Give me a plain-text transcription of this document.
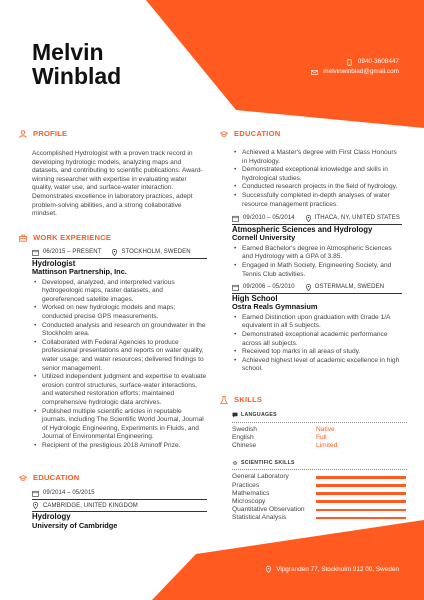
Melvin
Winblad
0940-3608447
melvinwinblad@gmail.com
PROFILE

Accomplished Hydrologist with a proven track record in developing hydrologic models, analyzing maps and datasets, and contributing to scientific publications. Award-winning researcher with expertise in evaluating water quality, water use, and surface-water interaction. Demonstrates excellence in laboratory practices, adept problem-solving abilities, and a strong collaborative mindset.

WORK EXPERIENCE
06/2015 – PRESENT	STOCKHOLM, SWEDEN
Hydrologist
Mattinson Partnership, Inc.
• Developed, analyzed, and interpreted various hydrogeologic maps, raster datasets, and georeferenced satellite images.
• Worked on new hydrologic models and maps; conducted precise GPS measurements.
• Conducted analysis and research on groundwater in the Stockholm area.
• Collaborated with Federal Agencies to produce professional presentations and reports on water quality, water usage, and water resources; delivered findings to senior management.
• Utilized independent judgment and expertise to evaluate erosion control structures, surface-water interactions, and watershed restoration efforts; maintained comprehensive hydrologic data archives.
• Published multiple scientific articles in reputable journals, including The Scientific World Journal, Journal of Hydrologic Engineering, Experiments in Fluids, and Journal of Environmental Engineering.
• Recipient of the prestigious 2018 Aminoff Prize.
EDUCATION
09/2014 – 05/2015
CAMBRIDGE, UNITED KINGDOM
Hydrology
University of Cambridge
EDUCATION
• Achieved a Master's degree with First Class Honours in Hydrology.
• Demonstrated exceptional knowledge and skills in hydrological studies.
• Conducted research projects in the field of hydrology.
• Successfully completed in-depth analyses of water resource management practices.
09/2010 – 05/2014	ITHACA, NY, UNITED STATES
Atmospheric Sciences and Hydrology
Cornell University
• Earned Bachelor's degree in Atmospheric Sciences and Hydrology with a GPA of 3.85.
• Engaged in Math Society, Engineering Society, and Tennis Club activities.
09/2006 – 05/2010	OSTERMALM, SWEDEN
High School
Ostra Reals Gymnasium
• Earned Distinction upon graduation with Grade 1/A equivalent in all 5 subjects.
• Demonstrated exceptional academic performance across all subjects.
• Received top marks in all areas of study.
• Achieved highest level of academic excellence in high school.
SKILLS
LANGUAGES
Swedish	Native
English	Full
Chinese	Limited
SCIENTIFIC SKILLS
General Laboratory
Practices
Mathematics
Microscopy
Quantitative Observation
Statistical Analysis
Vipgranden 77, Stockholm 912 00, Sweden
